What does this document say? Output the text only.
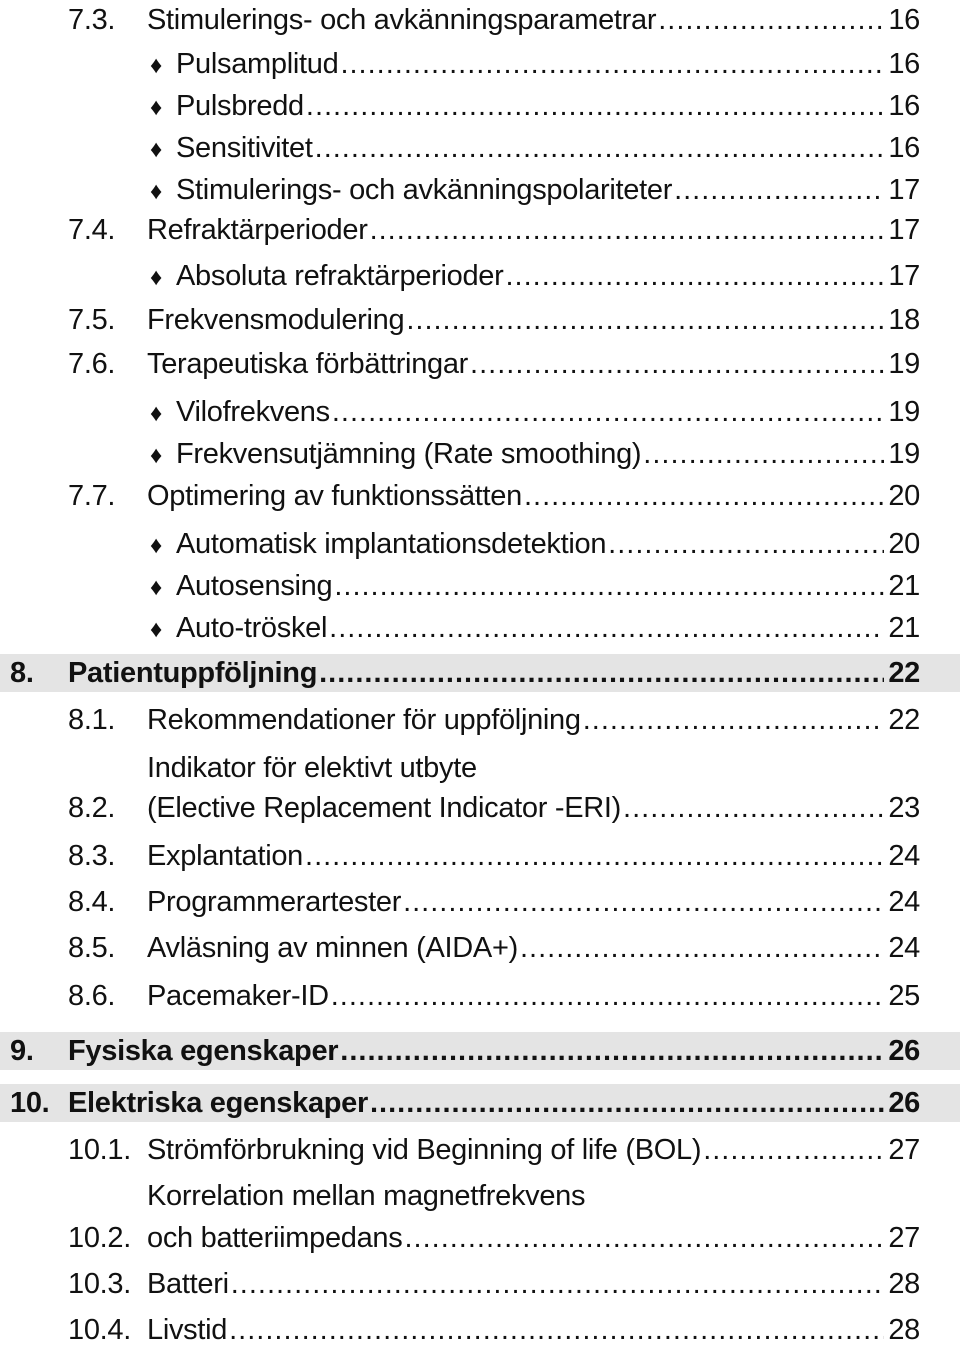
7.3. Stimulerings- och avkänningsparametrar .....	16
♦ Pulsamplitud .....	16
♦ Pulsbredd .....	16
♦ Sensitivitet .....	16
♦ Stimulerings- och avkänningspolariteter .....	17
7.4. Refraktärperioder .....	17
♦ Absoluta refraktärperioder .....	17
7.5. Frekvensmodulering .....	18
7.6. Terapeutiska förbättringar .....	19
♦ Vilofrekvens .....	19
♦ Frekvensutjämning (Rate smoothing) .....	19
7.7. Optimering av funktionssätten .....	20
♦ Automatisk implantationsdetektion .....	20
♦ Autosensing .....	21
♦ Auto-tröskel .....	21
8. Patientuppföljning .....	22
8.1. Rekommendationer för uppföljning .....	22
Indikator för elektivt utbyte
8.2. (Elective Replacement Indicator -ERI) .....	23
8.3. Explantation .....	24
8.4. Programmerartester .....	24
8.5. Avläsning av minnen (AIDA+) .....	24
8.6. Pacemaker-ID .....	25
9. Fysiska egenskaper .....	26
10. Elektriska egenskaper .....	26
10.1. Strömförbrukning vid Beginning of life (BOL) .....	27
Korrelation mellan magnetfrekvens
10.2. och batteriimpedans .....	27
10.3. Batteri .....	28
10.4. Livstid .....	28
